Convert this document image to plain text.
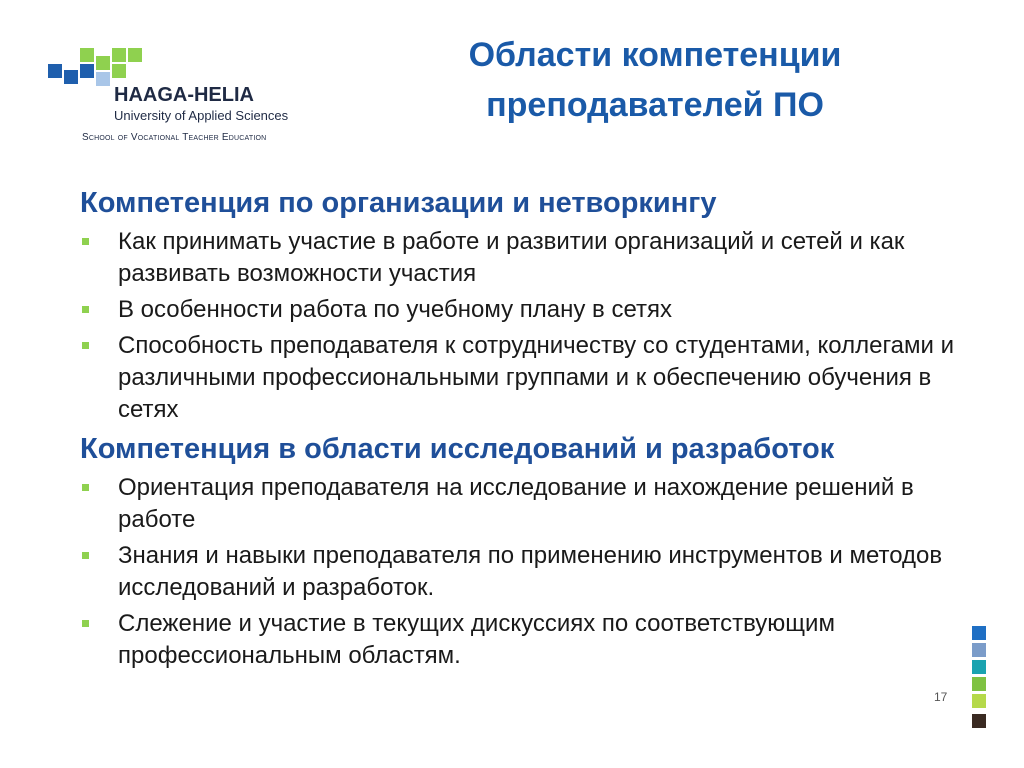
HAAGA-HELIA
University of Applied Sciences
School of Vocational Teacher Education
Области компетенции
преподавателей ПО
Компетенция по организации и нетворкингу
Как принимать участие в работе и развитии организаций и сетей и как развивать возможности участия
В особенности работа по учебному плану в сетях
Способность преподавателя к сотрудничеству со студентами, коллегами и различными профессиональными группами и к обеспечению обучения в сетях
Компетенция в области исследований и разработок
Ориентация преподавателя на исследование и нахождение решений в работе
Знания и навыки преподавателя по применению инструментов и методов исследований и разработок.
Слежение и участие в текущих дискуссиях по соответствующим профессиональным областям.
17
